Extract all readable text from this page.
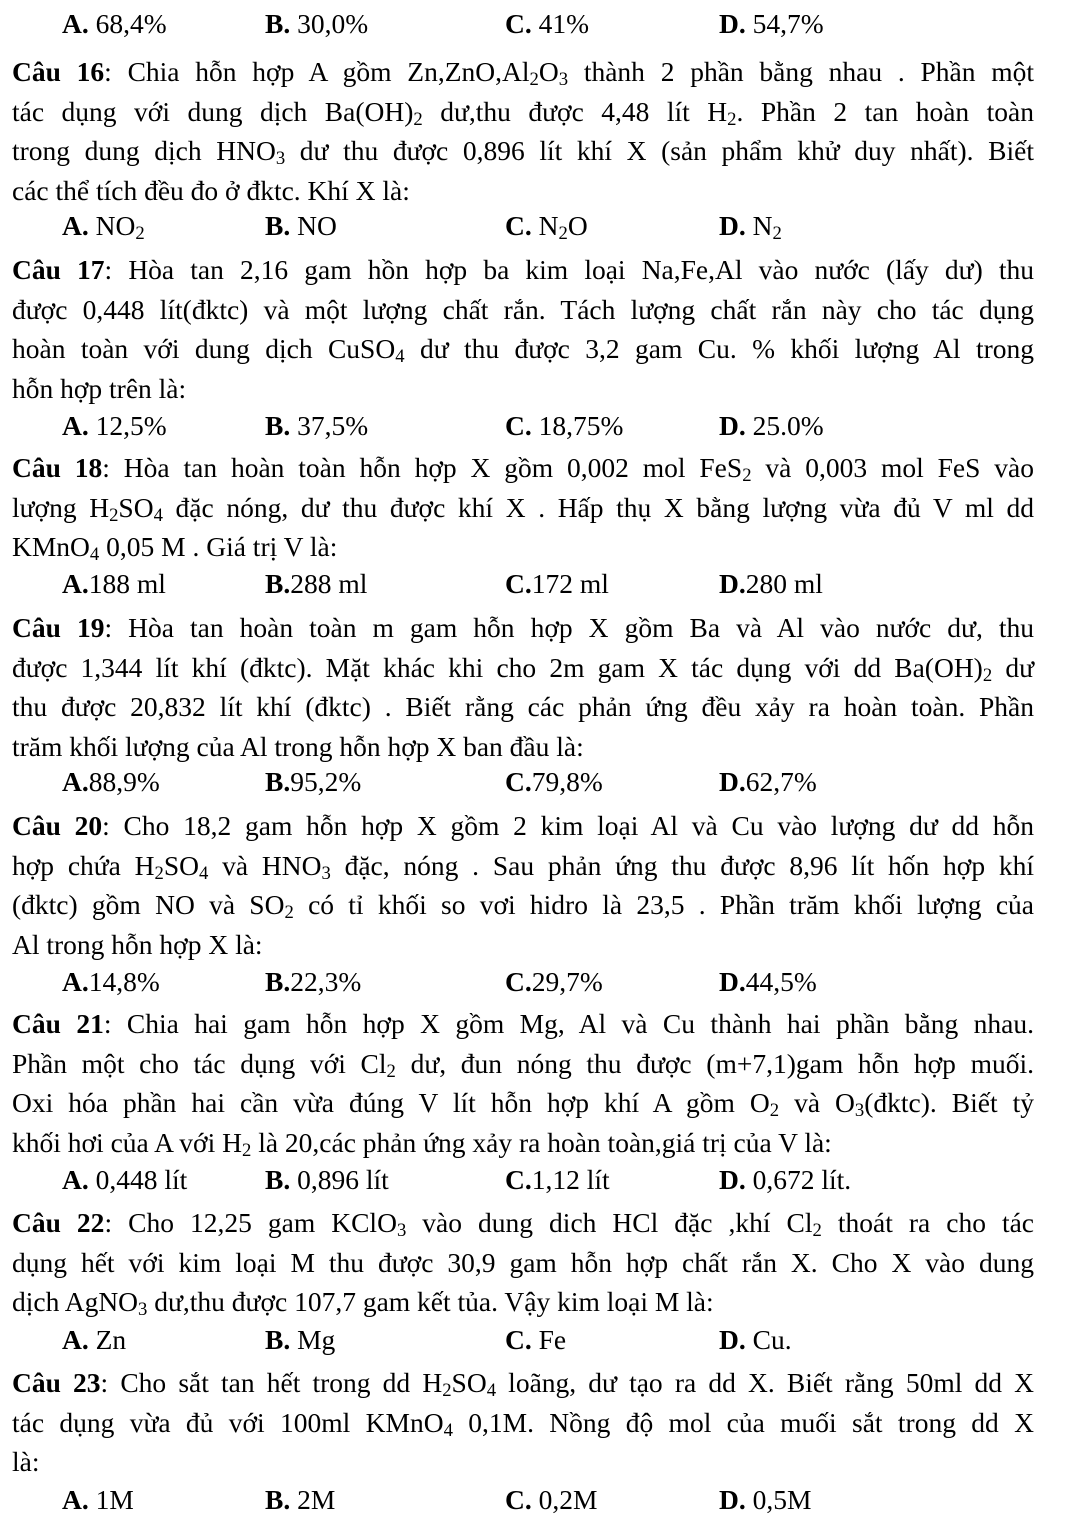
A. 68,4%	B. 30,0%	C. 41%	D. 54,7%
Câu 16: Chia hỗn hợp A gồm $Zn,ZnO,Al_2O_3$ thành 2 phần bằng nhau . Phần một
tác dụng với dung dịch $Ba(OH)_2$ dư,thu được 4,48 lít $H_2$. Phần 2 tan hoàn toàn
trong dung dịch $HNO_3$ dư thu được 0,896 lít khí X (sản phẩm khử duy nhất). Biết
các thể tích đều đo ở đktc. Khí X là:
A. $NO_2$	B. NO	C. $N_2O$	D. $N_2$
Câu 17: Hòa tan 2,16 gam hồn hợp ba kim loại Na,Fe,Al vào nước (lấy dư) thu
được 0,448 lít(đktc) và một lượng chất rắn. Tách lượng chất rắn này cho tác dụng
hoàn toàn với dung dịch CuSO$_4$ dư thu được 3,2 gam Cu. % khối lượng Al trong
hỗn hợp trên là:
A. 12,5%	B. 37,5%	C. 18,75%	D. 25.0%
Câu 18: Hòa tan hoàn toàn hỗn hợp X gồm 0,002 mol FeS$_2$ và 0,003 mol FeS vào
lượng $H_2SO_4$ đặc nóng, dư thu được khí X . Hấp thụ X bằng lượng vừa đủ V ml dd
KMnO$_4$ 0,05 M . Giá trị V là:
A.188 ml	B.288 ml	C.172 ml	D.280 ml
Câu 19: Hòa tan hoàn toàn m gam hỗn hợp X gồm Ba và Al vào nước dư, thu
được 1,344 lít khí (đktc). Mặt khác khi cho 2m gam X tác dụng với dd $Ba(OH)_2$ dư
thu được 20,832 lít khí (đktc) . Biết rằng các phản ứng đều xảy ra hoàn toàn. Phần
trăm khối lượng của Al trong hỗn hợp X ban đầu là:
A.88,9%	B.95,2%	C.79,8%	D.62,7%
Câu 20: Cho 18,2 gam hỗn hợp X gồm 2 kim loại Al và Cu vào lượng dư dd hỗn
hợp chứa $H_2SO_4$ và $HNO_3$ đặc, nóng . Sau phản ứng thu được 8,96 lít hốn hợp khí
(đktc) gồm NO và $SO_2$ có tỉ khối so vơi hidro là 23,5 . Phần trăm khối lượng của
Al trong hỗn hợp X là:
A.14,8%	B.22,3%	C.29,7%	D.44,5%
Câu 21: Chia hai gam hỗn hợp X gồm Mg, Al và Cu thành hai phần bằng nhau.
Phần một cho tác dụng với $Cl_2$ dư, đun nóng thu được (m+7,1)gam hỗn hợp muối.
Oxi hóa phần hai cần vừa đúng V lít hỗn hợp khí A gồm $O_2$ và $O_3(đktc)$. Biết tỷ
khối hơi của A với $H_2$ là 20,các phản ứng xảy ra hoàn toàn,giá trị của V là:
A. 0,448 lít	B. 0,896 lít	C.1,12 lít	D. 0,672 lít.
Câu 22: Cho 12,25 gam KClO$_3$ vào dung dich HCl đặc ,khí $Cl_2$ thoát ra cho tác
dụng hết với kim loại M thu được 30,9 gam hỗn hợp chất rắn X. Cho X vào dung
dịch AgNO$_3$ dư,thu được 107,7 gam kết tủa. Vậy kim loại M là:
A. Zn	B. Mg	C. Fe	D. Cu.
Câu 23: Cho sắt tan hết trong dd $H_2SO_4$ loãng, dư tạo ra dd X. Biết rằng 50ml dd X
tác dụng vừa đủ với 100ml KMnO$_4$ 0,1M. Nồng độ mol của muối sắt trong dd X
là:
A. 1M	B. 2M	C. 0,2M	D. 0,5M
